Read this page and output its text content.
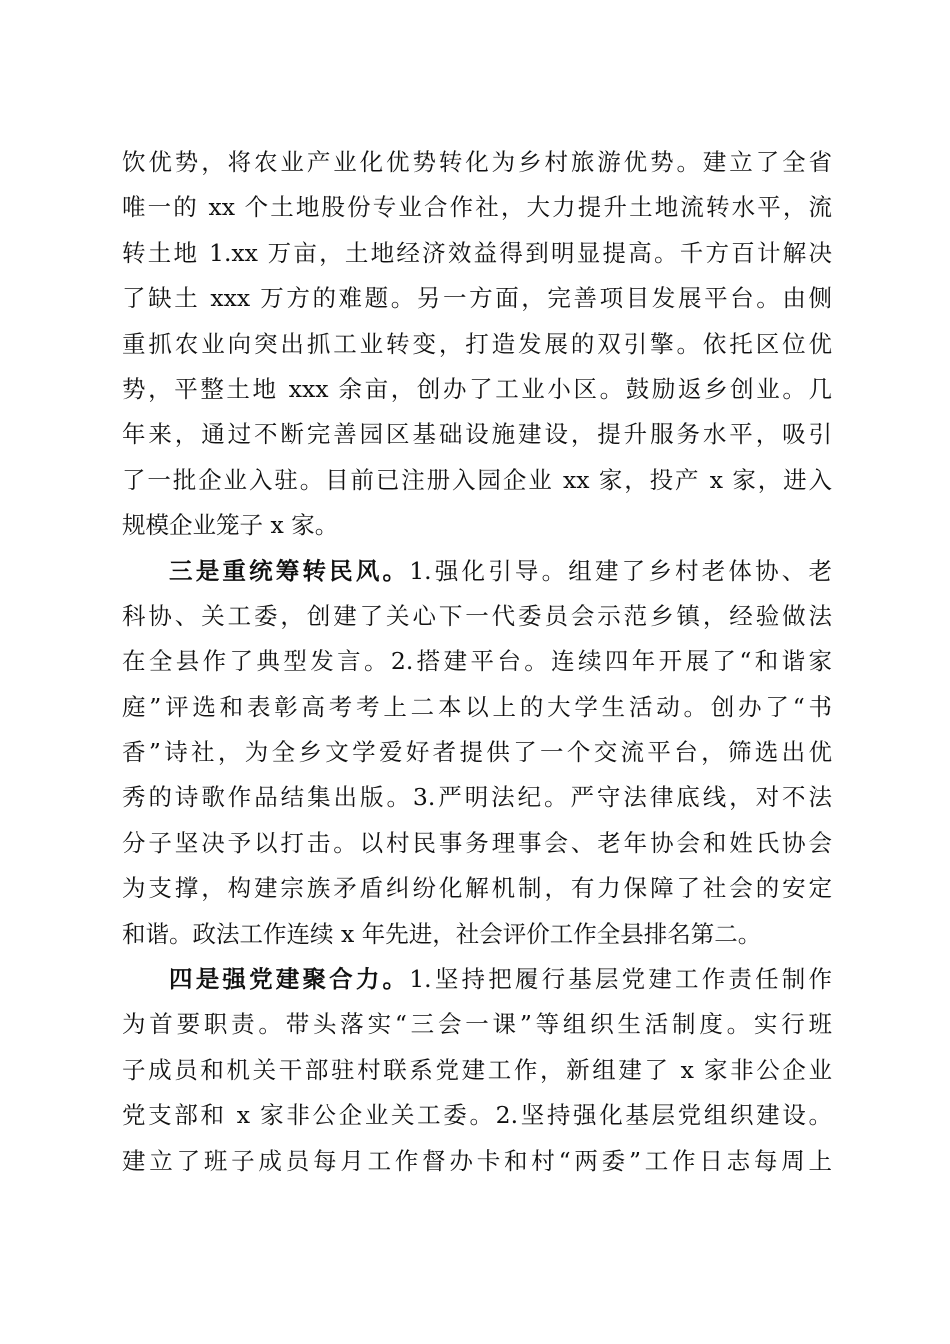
饮优势，将农业产业化优势转化为乡村旅游优势。建立了全省
唯一的 xx 个土地股份专业合作社，大力提升土地流转水平，流
转土地 1.xx 万亩，土地经济效益得到明显提高。千方百计解决
了缺土 xxx 万方的难题。另一方面，完善项目发展平台。由侧
重抓农业向突出抓工业转变，打造发展的双引擎。依托区位优
势，平整土地 xxx 余亩，创办了工业小区。鼓励返乡创业。几
年来，通过不断完善园区基础设施建设，提升服务水平，吸引
了一批企业入驻。目前已注册入园企业 xx 家，投产 x 家，进入
规模企业笼子 x 家。
三是重统筹转民风。1.强化引导。组建了乡村老体协、老
科协、关工委，创建了关心下一代委员会示范乡镇，经验做法
在全县作了典型发言。2.搭建平台。连续四年开展了“和谐家
庭”评选和表彰高考考上二本以上的大学生活动。创办了“书
香”诗社，为全乡文学爱好者提供了一个交流平台，筛选出优
秀的诗歌作品结集出版。3.严明法纪。严守法律底线，对不法
分子坚决予以打击。以村民事务理事会、老年协会和姓氏协会
为支撑，构建宗族矛盾纠纷化解机制，有力保障了社会的安定
和谐。政法工作连续 x 年先进，社会评价工作全县排名第二。
四是强党建聚合力。1.坚持把履行基层党建工作责任制作
为首要职责。带头落实“三会一课”等组织生活制度。实行班
子成员和机关干部驻村联系党建工作，新组建了 x 家非公企业
党支部和 x 家非公企业关工委。2.坚持强化基层党组织建设。
建立了班子成员每月工作督办卡和村“两委”工作日志每周上
